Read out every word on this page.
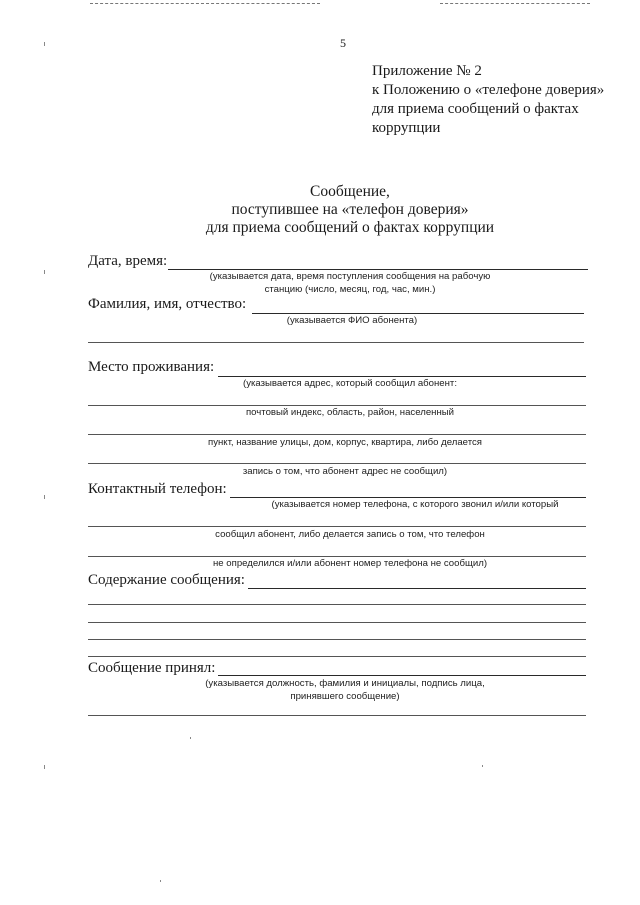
5
Приложение № 2
к Положению о «телефоне доверия»
для приема сообщений о фактах
коррупции
Сообщение,
поступившее на «телефон доверия»
для приема сообщений о фактах коррупции
Дата, время:
(указывается дата, время поступления сообщения на рабочую
станцию (число, месяц, год, час, мин.)
Фамилия, имя, отчество:
(указывается ФИО абонента)
Место проживания:
(указывается адрес, который сообщил абонент:
почтовый индекс, область, район, населенный
пункт, название улицы, дом, корпус, квартира, либо делается
запись о том, что абонент адрес не сообщил)
Контактный телефон:
(указывается номер телефона, с которого звонил и/или который
сообщил абонент, либо делается запись о том, что телефон
не определился и/или абонент номер телефона не сообщил)
Содержание сообщения:
Сообщение принял:
(указывается должность, фамилия и инициалы, подпись лица,
принявшего сообщение)
